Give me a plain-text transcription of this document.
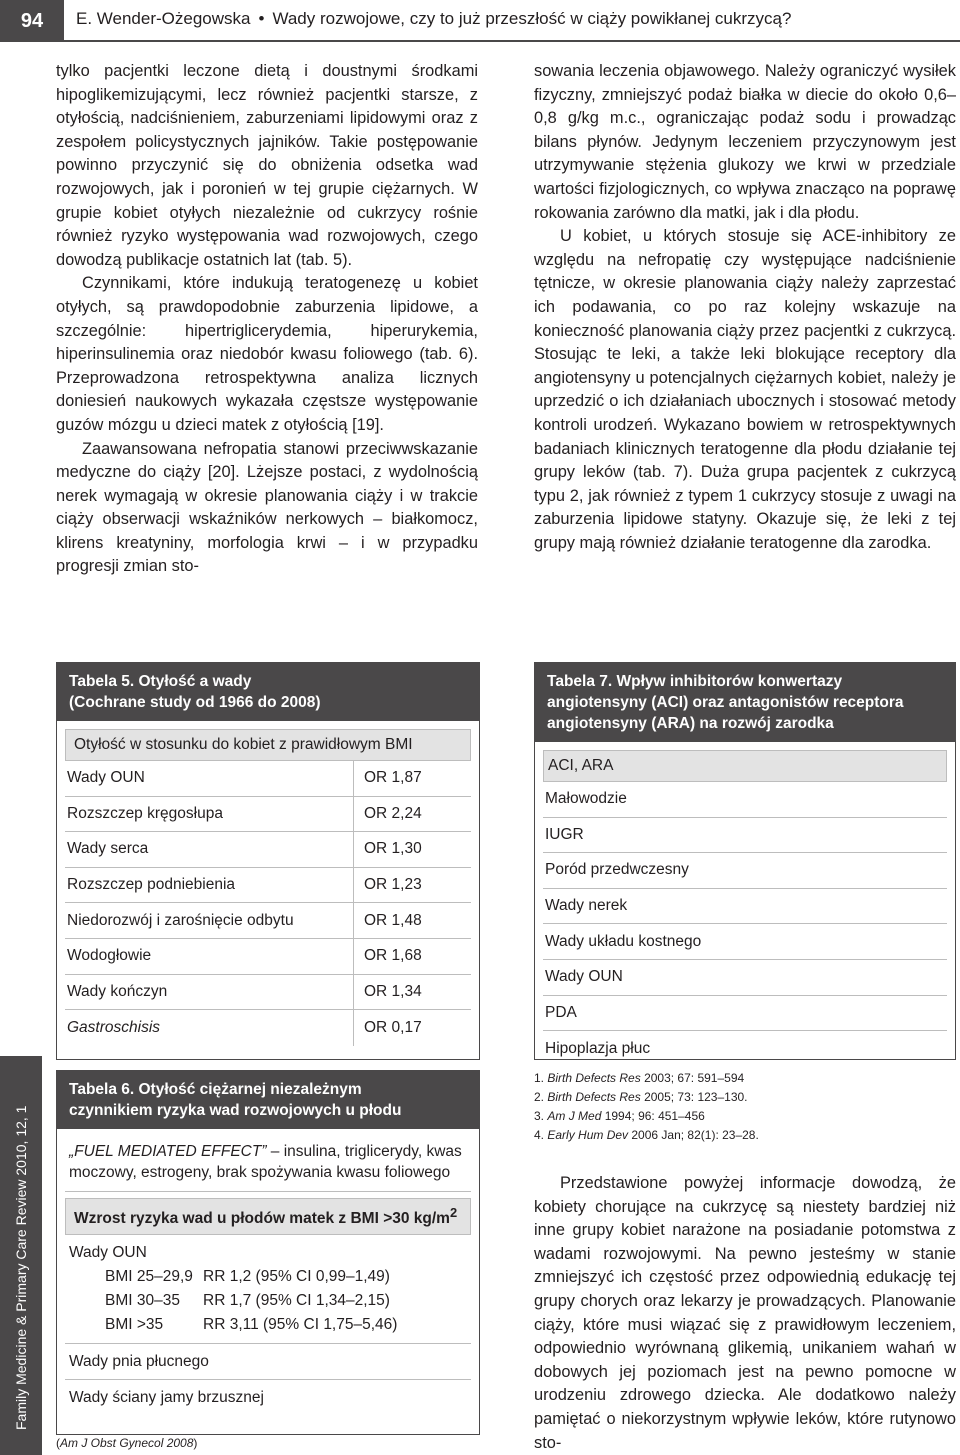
94	E. Wender-Ożegowska • Wady rozwojowe, czy to już przeszłość w ciąży powikłanej cukrzycą?
Family Medicine & Primary Care Review 2010, 12, 1

tylko pacjentki leczone dietą i doustnymi środkami hipoglikemizującymi, lecz również pacjentki starsze, z otyłością, nadciśnieniem, zaburzeniami lipidowymi oraz z zespołem policystycznych jajników. Takie postępowanie powinno przyczynić się do obniżenia odsetka wad rozwojowych, jak i poronień w tej grupie ciężarnych. W grupie kobiet otyłych niezależnie od cukrzycy rośnie również ryzyko występowania wad rozwojowych, czego dowodzą publikacje ostatnich lat (tab. 5).

Czynnikami, które indukują teratogenezę u kobiet otyłych, są prawdopodobnie zaburzenia lipidowe, a szczególnie: hipertriglicerydemia, hiperurykemia, hiperinsulinemia oraz niedobór kwasu foliowego (tab. 6). Przeprowadzona retrospektywna analiza licznych doniesień naukowych wykazała częstsze występowanie guzów mózgu u dzieci matek z otyłością [19].

Zaawansowana nefropatia stanowi przeciwwskazanie medyczne do ciąży [20]. Lżejsze postaci, z wydolnością nerek wymagają w okresie planowania ciąży i w trakcie ciąży obserwacji wskaźników nerkowych – białkomocz, klirens kreatyniny, morfologia krwi – i w przypadku progresji zmian sto-

sowania leczenia objawowego. Należy ograniczyć wysiłek fizyczny, zmniejszyć podaż białka w diecie do około 0,6–0,8 g/kg m.c., ograniczając podaż sodu i prowadząc bilans płynów. Jedynym leczeniem przyczynowym jest utrzymywanie stężenia glukozy we krwi w przedziale wartości fizjologicznych, co wpływa znacząco na poprawę rokowania zarówno dla matki, jak i dla płodu.

U kobiet, u których stosuje się ACE-inhibitory ze względu na nefropatię czy występujące nadciśnienie tętnicze, w okresie planowania ciąży należy zaprzestać ich podawania, co po raz kolejny wskazuje na konieczność planowania ciąży przez pacjentki z cukrzycą. Stosując te leki, a także leki blokujące receptory dla angiotensyny u potencjalnych ciężarnych kobiet, należy je uprzedzić o ich działaniach ubocznych i stosować metody kontroli urodzeń. Wykazano bowiem w retrospektywnych badaniach klinicznych teratogenne dla płodu działanie tej grupy leków (tab. 7). Duża grupa pacjentek z cukrzycą typu 2, jak również z typem 1 cukrzycy stosuje z uwagi na zaburzenia lipidowe statyny. Okazuje się, że leki z tej grupy mają również działanie teratogenne dla zarodka.

Tabela 5. Otyłość a wady
(Cochrane study od 1966 do 2008)
Otyłość w stosunku do kobiet z prawidłowym BMI
Wady OUN	OR 1,87
Rozszczep kręgosłupa	OR 2,24
Wady serca	OR 1,30
Rozszczep podniebienia	OR 1,23
Niedorozwój i zarośnięcie odbytu	OR 1,48
Wodogłowie	OR 1,68
Wady kończyn	OR 1,34
Gastroschisis	OR 0,17
Tabela 7. Wpływ inhibitorów konwertazy
angiotensyny (ACI) oraz antagonistów receptora
angiotensyny (ARA) na rozwój zarodka
ACI, ARA
Małowodzie
IUGR
Poród przedwczesny
Wady nerek
Wady układu kostnego
Wady OUN
PDA
Hipoplazja płuc
1. Birth Defects Res 2003; 67: 591–594
2. Birth Defects Res 2005; 73: 123–130.
3. Am J Med 1994; 96: 451–456
4. Early Hum Dev 2006 Jan; 82(1): 23–28.
Tabela 6. Otyłość ciężarnej niezależnym
czynnikiem ryzyka wad rozwojowych u płodu
„FUEL MEDIATED EFFECT” – insulina, triglicerydy, kwas moczowy, estrogeny, brak spożywania kwasu foliowego
Wzrost ryzyka wad u płodów matek z BMI >30 $kg/m^2$
Wady OUN
BMI 25–29,9 RR 1,2 (95% CI 0,99–1,49)
BMI 30–35	RR 1,7 (95% CI 1,34–2,15)
BMI >35	RR 3,11 (95% CI 1,75–5,46)
Wady pnia płucnego
Wady ściany jamy brzusznej
(Am J Obst Gynecol 2008)

Przedstawione powyżej informacje dowodzą, że kobiety chorujące na cukrzycę są niestety bardziej niż inne grupy kobiet narażone na posiadanie potomstwa z wadami rozwojowymi. Na pewno jesteśmy w stanie zmniejszyć ich częstość przez odpowiednią edukację tej grupy chorych oraz lekarzy je prowadzących. Planowanie ciąży, które musi wiązać się z prawidłowym leczeniem, odpowiednio wyrównaną glikemią, unikaniem wahań w dobowych jej poziomach jest na pewno pomocne w urodzeniu zdrowego dziecka. Ale dodatkowo należy pamiętać o niekorzystnym wpływie leków, które rutynowo sto-
